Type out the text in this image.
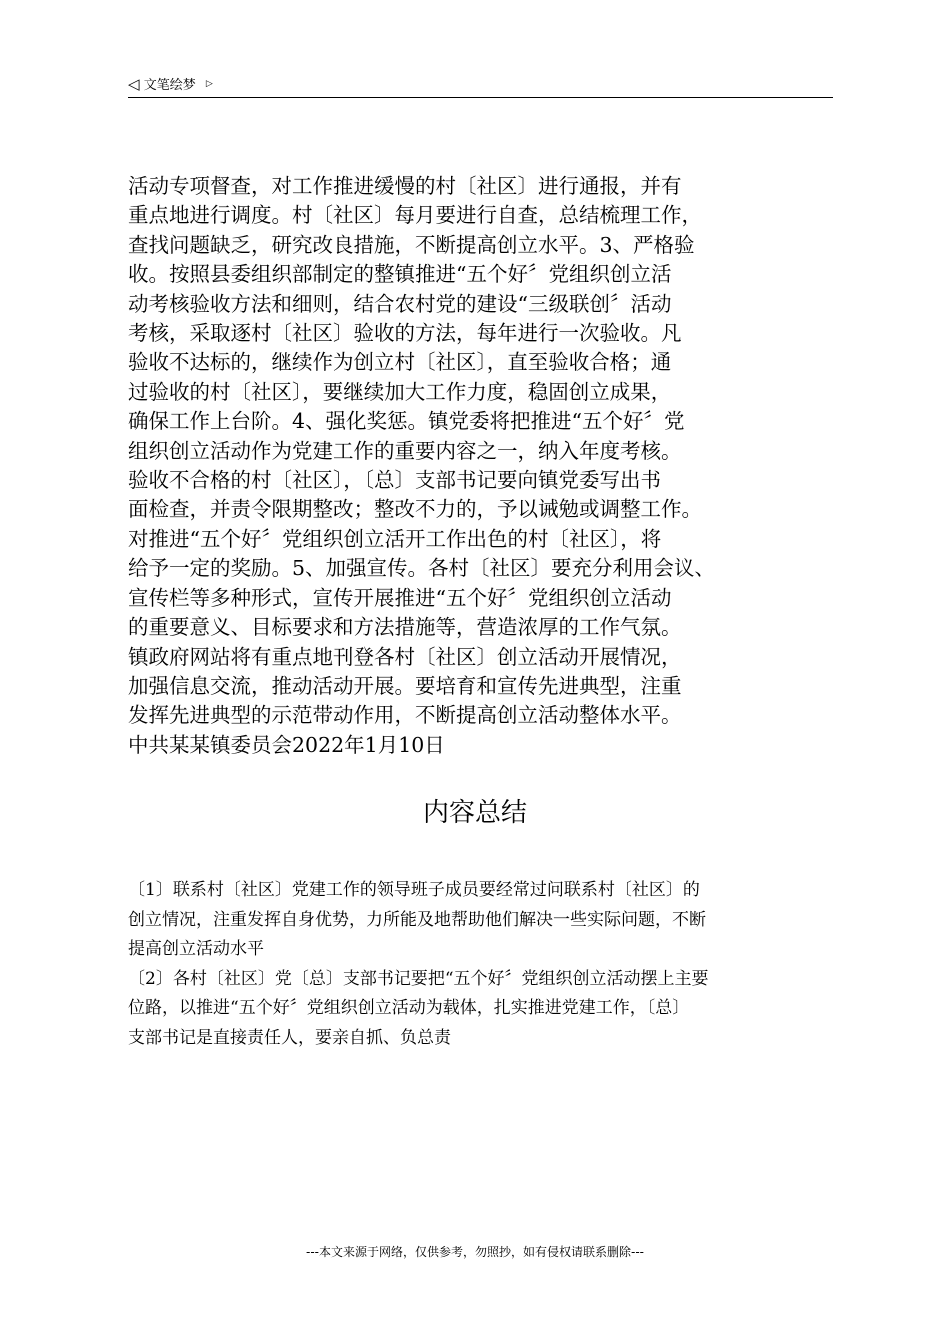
◁ 文笔绘梦 ▷
活动专项督查，对工作推进缓慢的村〔社区〕进行通报，并有
重点地进行调度。村〔社区〕每月要进行自查，总结梳理工作，
查找问题缺乏，研究改良措施，不断提高创立水平。3、严格验
收。按照县委组织部制定的整镇推进“五个好〞党组织创立活
动考核验收方法和细则，结合农村党的建设“三级联创〞活动
考核，采取逐村〔社区〕验收的方法，每年进行一次验收。凡
验收不达标的，继续作为创立村〔社区〕，直至验收合格；通
过验收的村〔社区〕，要继续加大工作力度，稳固创立成果，
确保工作上台阶。4、强化奖惩。镇党委将把推进“五个好〞党
组织创立活动作为党建工作的重要内容之一，纳入年度考核。
验收不合格的村〔社区〕，〔总〕支部书记要向镇党委写出书
面检查，并责令限期整改；整改不力的，予以诫勉或调整工作。
对推进“五个好〞党组织创立活开工作出色的村〔社区〕，将
给予一定的奖励。5、加强宣传。各村〔社区〕要充分利用会议、
宣传栏等多种形式，宣传开展推进“五个好〞党组织创立活动
的重要意义、目标要求和方法措施等，营造浓厚的工作气氛。
镇政府网站将有重点地刊登各村〔社区〕创立活动开展情况，
加强信息交流，推动活动开展。要培育和宣传先进典型，注重
发挥先进典型的示范带动作用，不断提高创立活动整体水平。
中共某某镇委员会2022年1月10日
内容总结
〔1〕联系村〔社区〕党建工作的领导班子成员要经常过问联系村〔社区〕的
创立情况，注重发挥自身优势，力所能及地帮助他们解决一些实际问题，不断
提高创立活动水平
〔2〕各村〔社区〕党〔总〕支部书记要把“五个好〞党组织创立活动摆上主要
位路，以推进“五个好〞党组织创立活动为载体，扎实推进党建工作，〔总〕
支部书记是直接责任人，要亲自抓、负总责
---本文来源于网络，仅供参考，勿照抄，如有侵权请联系删除---
